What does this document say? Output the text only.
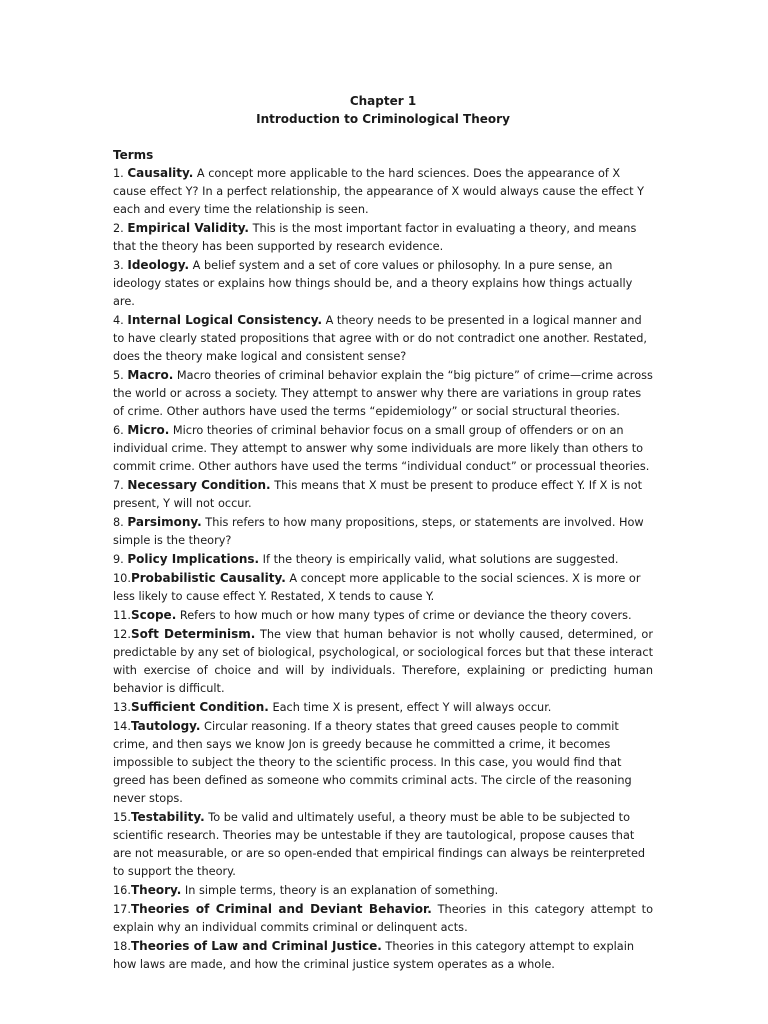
Chapter 1

Introduction to Criminological Theory

Terms

1. Causality. A concept more applicable to the hard sciences. Does the appearance of X cause effect Y? In a perfect relationship, the appearance of X would always cause the effect Y each and every time the relationship is seen.

2. Empirical Validity. This is the most important factor in evaluating a theory, and means that the theory has been supported by research evidence.

3. Ideology. A belief system and a set of core values or philosophy. In a pure sense, an ideology states or explains how things should be, and a theory explains how things actually are.

4. Internal Logical Consistency. A theory needs to be presented in a logical manner and to have clearly stated propositions that agree with or do not contradict one another. Restated, does the theory make logical and consistent sense?

5. Macro. Macro theories of criminal behavior explain the “big picture” of crime—crime across the world or across a society. They attempt to answer why there are variations in group rates of crime. Other authors have used the terms “epidemiology” or social structural theories.

6. Micro. Micro theories of criminal behavior focus on a small group of offenders or on an individual crime. They attempt to answer why some individuals are more likely than others to commit crime. Other authors have used the terms “individual conduct” or processual theories.

7. Necessary Condition. This means that X must be present to produce effect Y. If X is not present, Y will not occur.

8. Parsimony. This refers to how many propositions, steps, or statements are involved. How simple is the theory?

9. Policy Implications. If the theory is empirically valid, what solutions are suggested.

10.Probabilistic Causality. A concept more applicable to the social sciences. X is more or less likely to cause effect Y. Restated, X tends to cause Y.

11.Scope. Refers to how much or how many types of crime or deviance the theory covers.

12.Soft Determinism. The view that human behavior is not wholly caused, determined, or predictable by any set of biological, psychological, or sociological forces but that these interact with exercise of choice and will by individuals. Therefore, explaining or predicting human behavior is difficult.

13.Sufficient Condition. Each time X is present, effect Y will always occur.

14.Tautology. Circular reasoning. If a theory states that greed causes people to commit crime, and then says we know Jon is greedy because he committed a crime, it becomes impossible to subject the theory to the scientific process. In this case, you would find that greed has been defined as someone who commits criminal acts. The circle of the reasoning never stops.

15.Testability. To be valid and ultimately useful, a theory must be able to be subjected to scientific research. Theories may be untestable if they are tautological, propose causes that are not measurable, or are so open-ended that empirical findings can always be reinterpreted to support the theory.

16.Theory. In simple terms, theory is an explanation of something.

17.Theories of Criminal and Deviant Behavior. Theories in this category attempt to explain why an individual commits criminal or delinquent acts.

18.Theories of Law and Criminal Justice. Theories in this category attempt to explain how laws are made, and how the criminal justice system operates as a whole.
